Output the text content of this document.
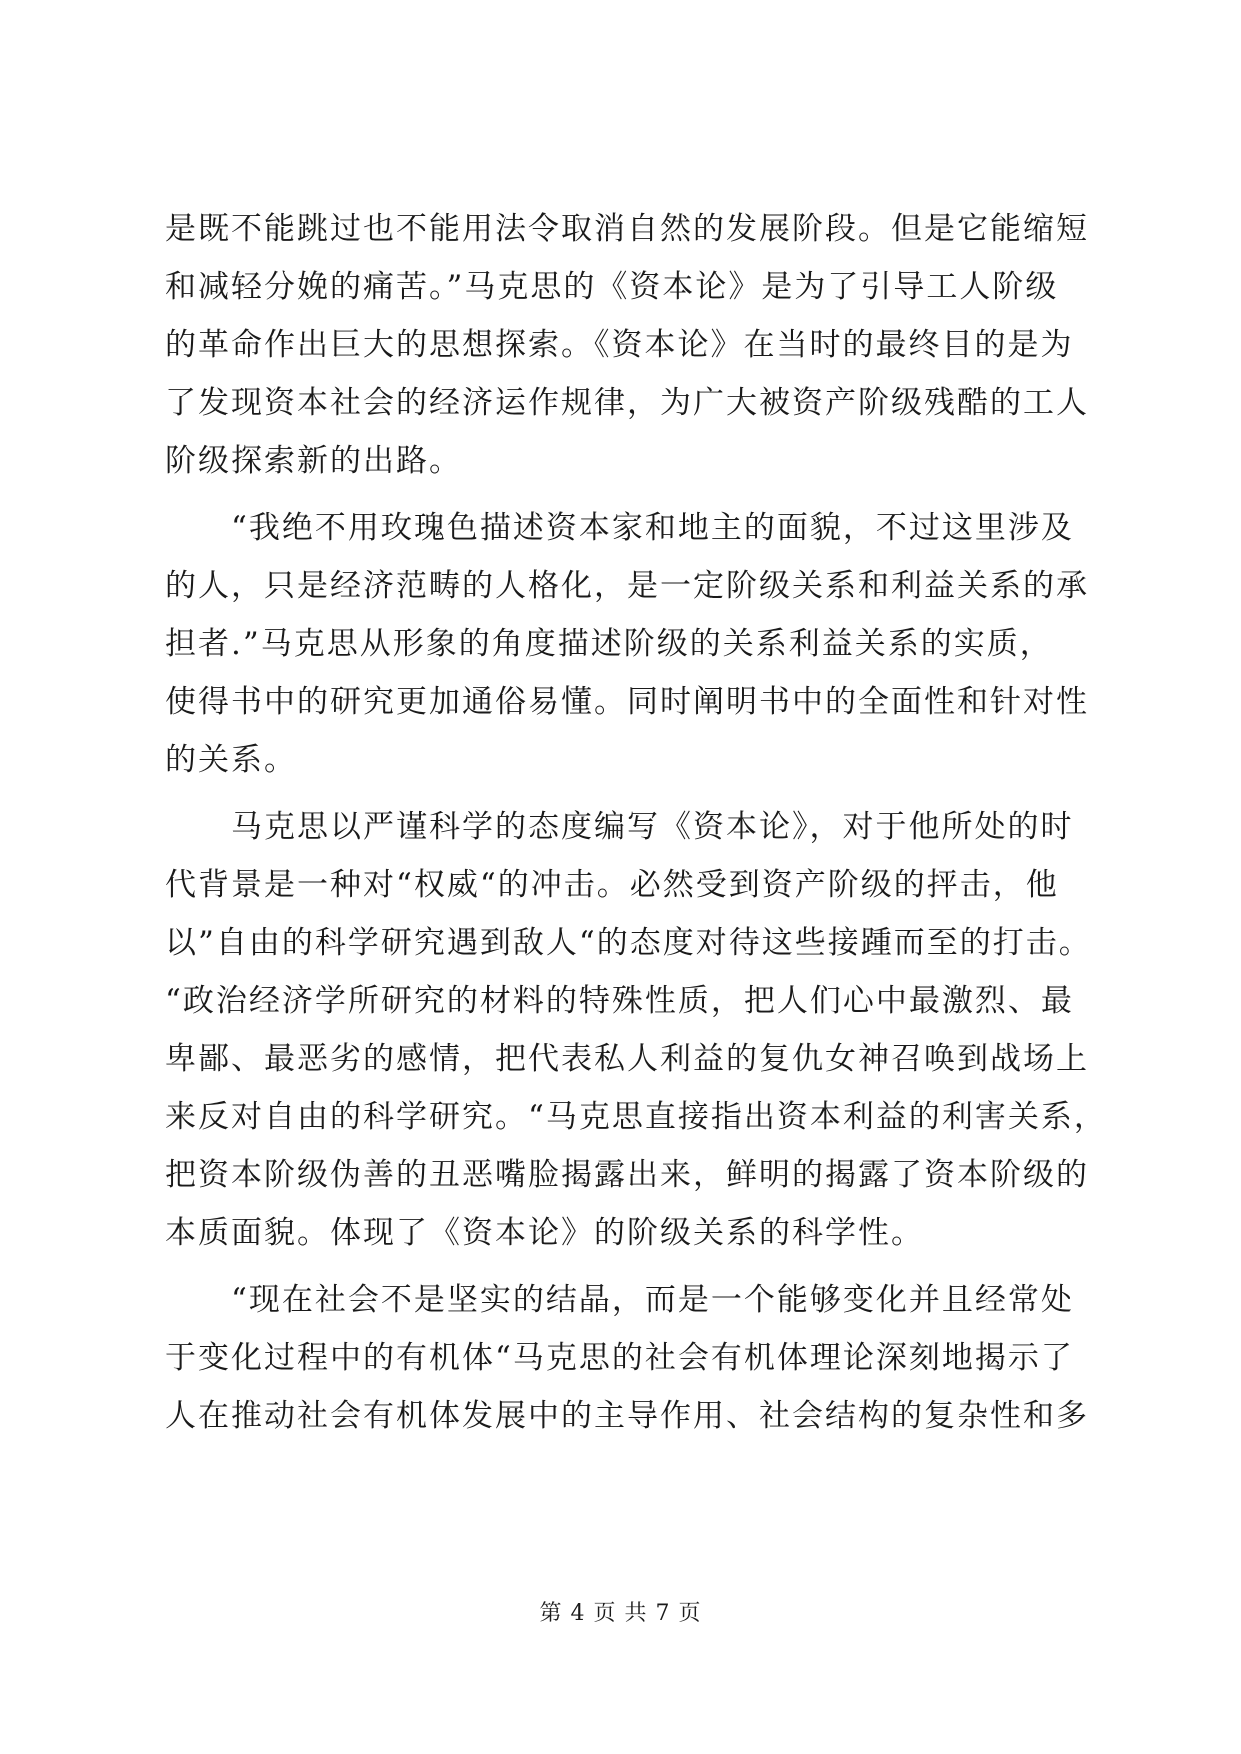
是既不能跳过也不能用法令取消自然的发展阶段。但是它能缩短
和减轻分娩的痛苦。”马克思的《资本论》是为了引导工人阶级
的革命作出巨大的思想探索。《资本论》在当时的最终目的是为
了发现资本社会的经济运作规律，为广大被资产阶级残酷的工人
阶级探索新的出路。
　　“我绝不用玫瑰色描述资本家和地主的面貌，不过这里涉及
的人，只是经济范畴的人格化，是一定阶级关系和利益关系的承
担者.”马克思从形象的角度描述阶级的关系利益关系的实质，
使得书中的研究更加通俗易懂。同时阐明书中的全面性和针对性
的关系。
　　马克思以严谨科学的态度编写《资本论》，对于他所处的时
代背景是一种对“权威“的冲击。必然受到资产阶级的抨击，他
以”自由的科学研究遇到敌人“的态度对待这些接踵而至的打击。
“政治经济学所研究的材料的特殊性质，把人们心中最激烈、最
卑鄙、最恶劣的感情，把代表私人利益的复仇女神召唤到战场上
来反对自由的科学研究。“马克思直接指出资本利益的利害关系，
把资本阶级伪善的丑恶嘴脸揭露出来，鲜明的揭露了资本阶级的
本质面貌。体现了《资本论》的阶级关系的科学性。
　　“现在社会不是坚实的结晶，而是一个能够变化并且经常处
于变化过程中的有机体“马克思的社会有机体理论深刻地揭示了
人在推动社会有机体发展中的主导作用、社会结构的复杂性和多
第 4 页 共 7 页
